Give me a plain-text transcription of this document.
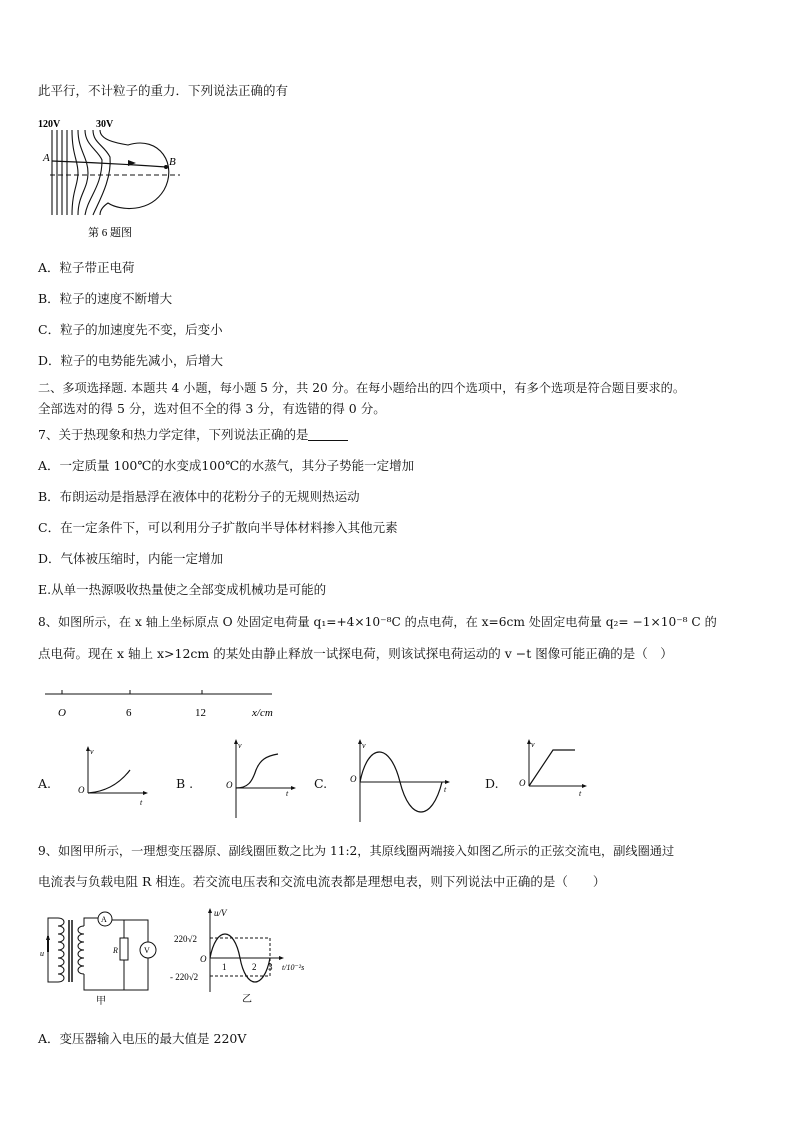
此平行，不计粒子的重力．下列说法正确的有
120V	30V
A	B
第 6 题图
A．粒子带正电荷
B．粒子的速度不断增大
C．粒子的加速度先不变，后变小
D．粒子的电势能先减小，后增大
二、多项选择题. 本题共 4 小题，每小题 5 分，共 20 分。在每小题给出的四个选项中，有多个选项是符合题目要求的。
全部选对的得 5 分，选对但不全的得 3 分，有选错的得 0 分。
7、关于热现象和热力学定律，下列说法正确的是
A．一定质量 100℃的水变成100℃的水蒸气，其分子势能一定增加
B．布朗运动是指悬浮在液体中的花粉分子的无规则热运动
C．在一定条件下，可以利用分子扩散向半导体材料掺入其他元素
D．气体被压缩时，内能一定增加
E.从单一热源吸收热量使之全部变成机械功是可能的
8、如图所示，在 x 轴上坐标原点 O 处固定电荷量 q₁=+4×10⁻⁸C 的点电荷，在 x=6cm 处固定电荷量 q₂= −1×10⁻⁸ C 的
点电荷。现在 x 轴上 x>12cm 的某处由静止释放一试探电荷，则该试探电荷运动的 v −t 图像可能正确的是（　）
O	6	12	x/cm
A.	B .	C.	D.
v
O
t
v
O
t
v
O
t
v
O
t
9、如图甲所示，一理想变压器原、副线圈匝数之比为 11:2，其原线圈两端接入如图乙所示的正弦交流电，副线圈通过
电流表与负载电阻 R 相连。若交流电压表和交流电流表都是理想电表，则下列说法中正确的是（　　）
u
A
R	V
甲
u/V
220√2
- 220√2
O
1	2 3 t/10⁻²s
乙
A．变压器输入电压的最大值是 220V
